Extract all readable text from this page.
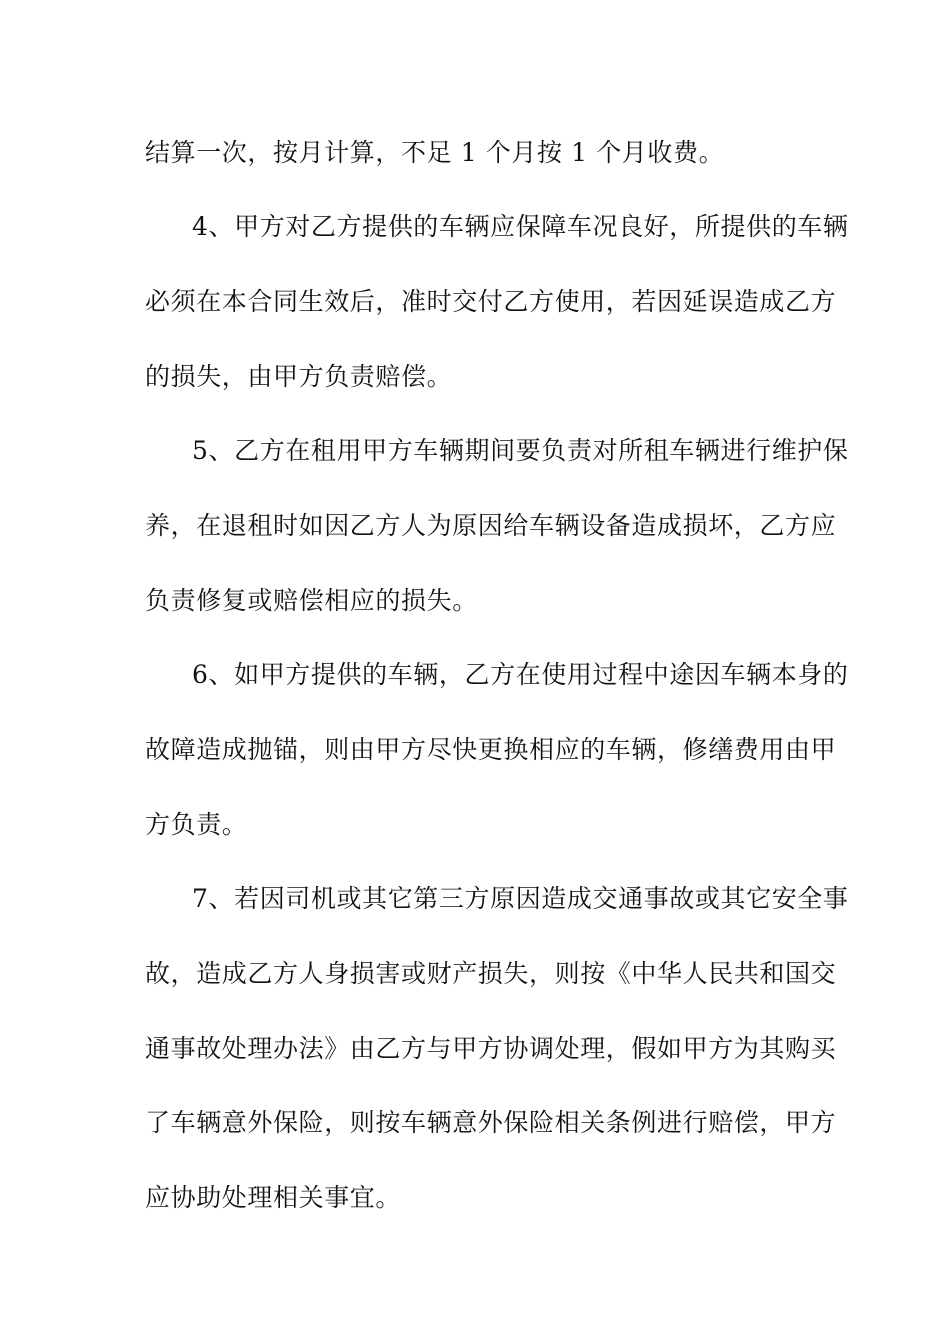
结算一次，按月计算，不足 1 个月按 1 个月收费。
4、甲方对乙方提供的车辆应保障车况良好，所提供的车辆
必须在本合同生效后，准时交付乙方使用，若因延误造成乙方
的损失，由甲方负责赔偿。
5、乙方在租用甲方车辆期间要负责对所租车辆进行维护保
养，在退租时如因乙方人为原因给车辆设备造成损坏，乙方应
负责修复或赔偿相应的损失。
6、如甲方提供的车辆，乙方在使用过程中途因车辆本身的
故障造成抛锚，则由甲方尽快更换相应的车辆，修缮费用由甲
方负责。
7、若因司机或其它第三方原因造成交通事故或其它安全事
故，造成乙方人身损害或财产损失，则按《中华人民共和国交
通事故处理办法》由乙方与甲方协调处理，假如甲方为其购买
了车辆意外保险，则按车辆意外保险相关条例进行赔偿，甲方
应协助处理相关事宜。
